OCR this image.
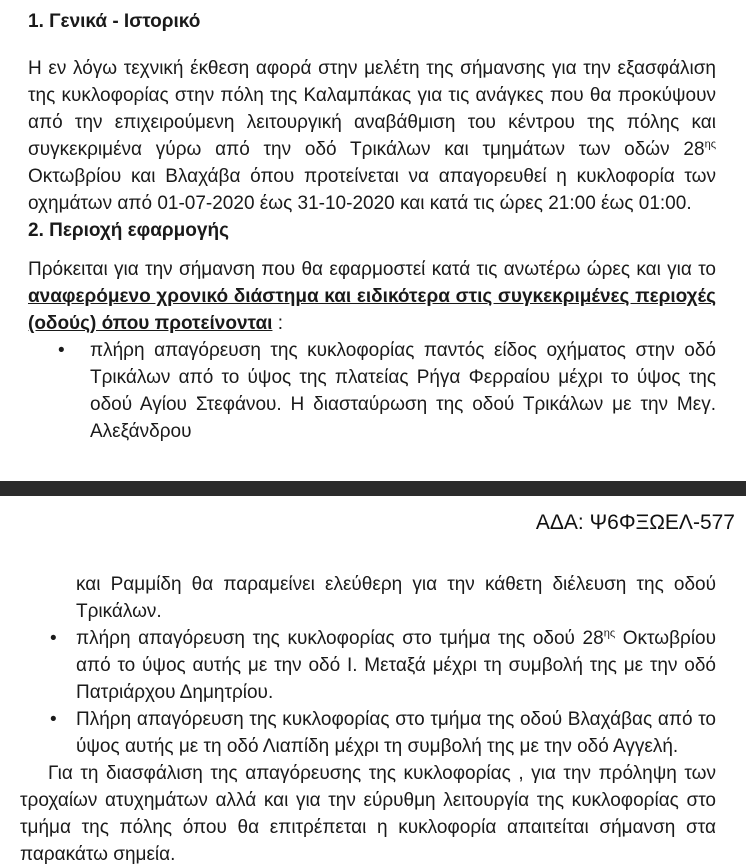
1. Γενικά - Ιστορικό

Η εν λόγω τεχνική έκθεση αφορά στην μελέτη της σήμανσης για την εξασφάλιση της κυκλοφορίας στην πόλη της Καλαμπάκας για τις ανάγκες που θα προκύψουν από την επιχειρούμενη λειτουργική αναβάθμιση του κέντρου της πόλης και συγκεκριμένα γύρω από την οδό Τρικάλων και τμημάτων των οδών $28^{\eta\varsigma}$ Οκτωβρίου και Βλαχάβα όπου προτείνεται να απαγορευθεί η κυκλοφορία των οχημάτων από 01-07-2020 έως 31-10-2020 και κατά τις ώρες 21:00 έως 01:00.

2. Περιοχή εφαρμογής

Πρόκειται για την σήμανση που θα εφαρμοστεί κατά τις ανωτέρω ώρες και για το αναφερόμενο χρονικό διάστημα και ειδικότερα στις συγκεκριμένες περιοχές (οδούς) όπου προτείνονται :

•	πλήρη απαγόρευση της κυκλοφορίας παντός είδος οχήματος στην οδό Τρικάλων από το ύψος της πλατείας Ρήγα Φερραίου μέχρι το ύψος της οδού Αγίου Στεφάνου. Η διασταύρωση της οδού Τρικάλων με την Μεγ. Αλεξάνδρου
ΑΔΑ: Ψ6ΦΞΩΕΛ-577
και Ραμμίδη θα παραμείνει ελεύθερη για την κάθετη διέλευση της οδού Τρικάλων.
•	πλήρη απαγόρευση της κυκλοφορίας στο τμήμα της οδού $28^{\eta\varsigma}$ Οκτωβρίου από το ύψος αυτής με την οδό Ι. Μεταξά μέχρι τη συμβολή της με την οδό Πατριάρχου Δημητρίου.
•	Πλήρη απαγόρευση της κυκλοφορίας στο τμήμα της οδού Βλαχάβας από το ύψος αυτής με τη οδό Λιαπίδη μέχρι τη συμβολή της με την οδό Αγγελή.

Για τη διασφάλιση της απαγόρευσης της κυκλοφορίας , για την πρόληψη των τροχαίων ατυχημάτων αλλά και για την εύρυθμη λειτουργία της κυκλοφορίας στο τμήμα της πόλης όπου θα επιτρέπεται η κυκλοφορία απαιτείται σήμανση στα παρακάτω σημεία.
